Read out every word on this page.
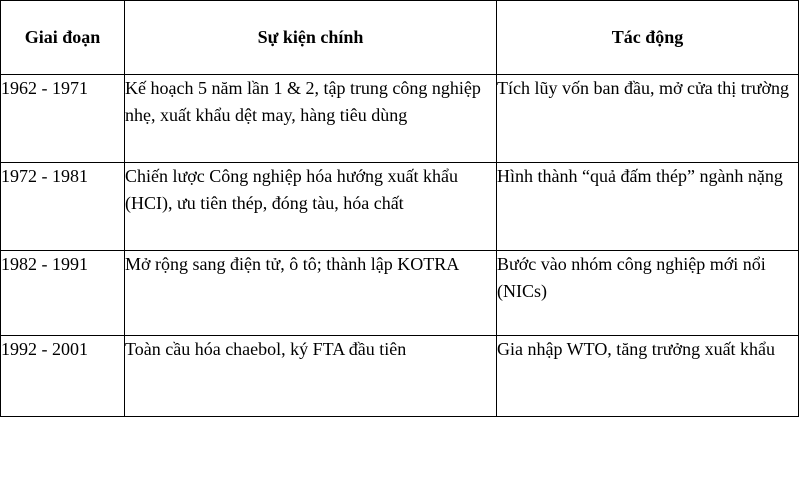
Giai đoạn	Sự kiện chính	Tác động
1962 - 1971	Kế hoạch 5 năm lần 1 & 2, tập trung công nghiệp nhẹ, xuất khẩu dệt may, hàng tiêu dùng	Tích lũy vốn ban đầu, mở cửa thị trường
1972 - 1981	Chiến lược Công nghiệp hóa hướng xuất khẩu (HCI), ưu tiên thép, đóng tàu, hóa chất	Hình thành “quả đấm thép” ngành nặng
1982 - 1991	Mở rộng sang điện tử, ô tô; thành lập KOTRA	Bước vào nhóm công nghiệp mới nổi (NICs)
1992 - 2001	Toàn cầu hóa chaebol, ký FTA đầu tiên	Gia nhập WTO, tăng trưởng xuất khẩu
